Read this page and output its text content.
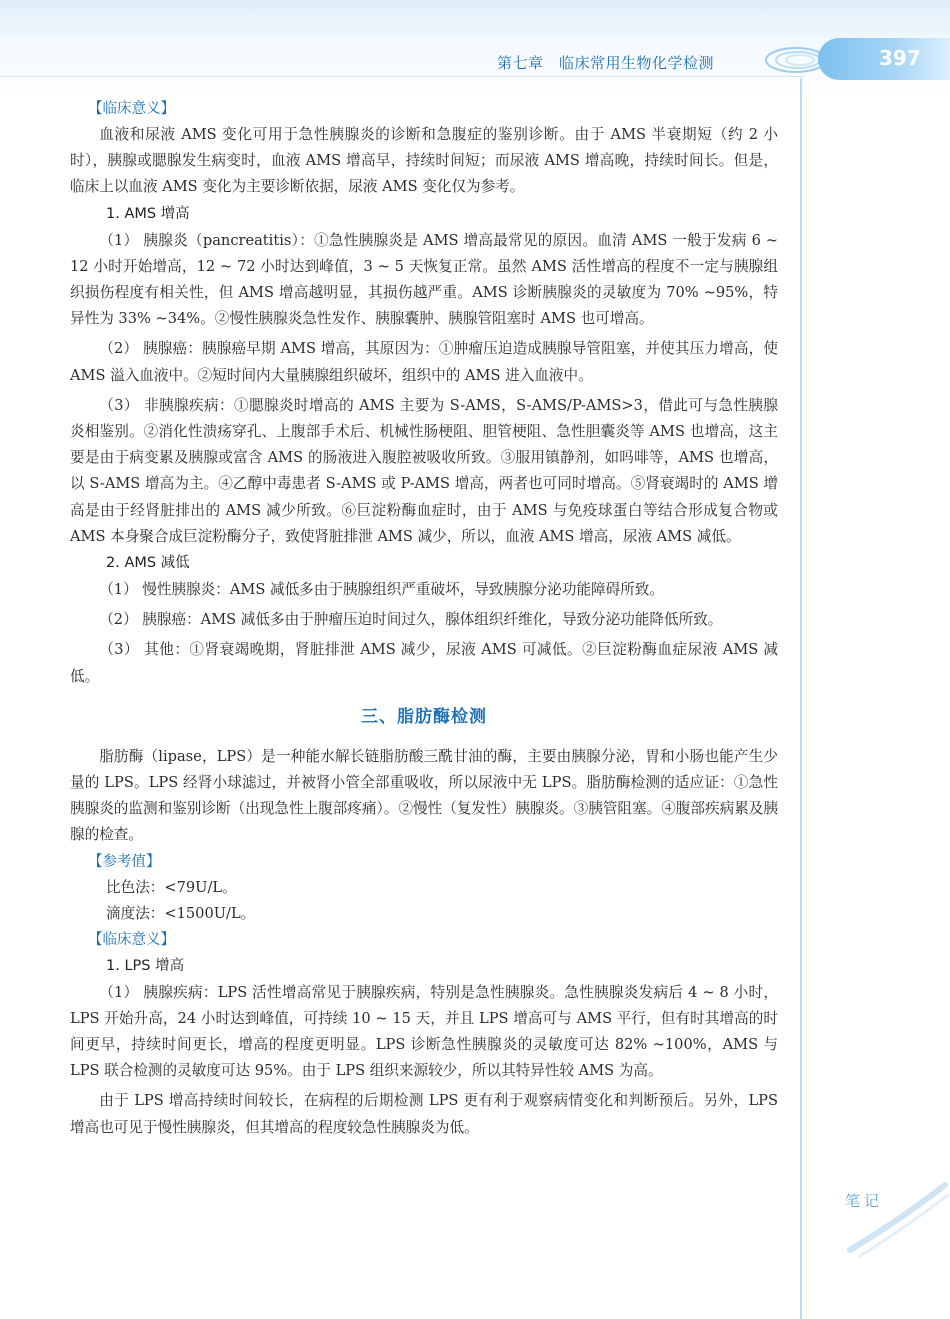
第七章　临床常用生物化学检测	397
笔记
【临床意义】

血液和尿液 AMS 变化可用于急性胰腺炎的诊断和急腹症的鉴别诊断。由于 AMS 半衰期短（约 2 小时），胰腺或腮腺发生病变时，血液 AMS 增高早，持续时间短；而尿液 AMS 增高晚，持续时间长。但是，临床上以血液 AMS 变化为主要诊断依据，尿液 AMS 变化仅为参考。

1. AMS 增高

（1） 胰腺炎（pancreatitis）：①急性胰腺炎是 AMS 增高最常见的原因。血清 AMS 一般于发病 6 ~ 12 小时开始增高，12 ~ 72 小时达到峰值，3 ~ 5 天恢复正常。虽然 AMS 活性增高的程度不一定与胰腺组织损伤程度有相关性，但 AMS 增高越明显，其损伤越严重。AMS 诊断胰腺炎的灵敏度为 70% ~95%，特异性为 33% ~34%。②慢性胰腺炎急性发作、胰腺囊肿、胰腺管阻塞时 AMS 也可增高。

（2） 胰腺癌：胰腺癌早期 AMS 增高，其原因为：①肿瘤压迫造成胰腺导管阻塞，并使其压力增高，使 AMS 溢入血液中。②短时间内大量胰腺组织破坏，组织中的 AMS 进入血液中。

（3） 非胰腺疾病：①腮腺炎时增高的 AMS 主要为 S-AMS，S-AMS/P-AMS>3，借此可与急性胰腺炎相鉴别。②消化性溃疡穿孔、上腹部手术后、机械性肠梗阻、胆管梗阻、急性胆囊炎等 AMS 也增高，这主要是由于病变累及胰腺或富含 AMS 的肠液进入腹腔被吸收所致。③服用镇静剂，如吗啡等，AMS 也增高，以 S-AMS 增高为主。④乙醇中毒患者 S-AMS 或 P-AMS 增高，两者也可同时增高。⑤肾衰竭时的 AMS 增高是由于经肾脏排出的 AMS 减少所致。⑥巨淀粉酶血症时，由于 AMS 与免疫球蛋白等结合形成复合物或 AMS 本身聚合成巨淀粉酶分子，致使肾脏排泄 AMS 减少，所以，血液 AMS 增高，尿液 AMS 减低。

2. AMS 减低

（1） 慢性胰腺炎：AMS 减低多由于胰腺组织严重破坏，导致胰腺分泌功能障碍所致。

（2） 胰腺癌：AMS 减低多由于肿瘤压迫时间过久，腺体组织纤维化，导致分泌功能降低所致。

（3） 其他：①肾衰竭晚期，肾脏排泄 AMS 减少，尿液 AMS 可减低。②巨淀粉酶血症尿液 AMS 减低。

三、脂肪酶检测

脂肪酶（lipase，LPS）是一种能水解长链脂肪酸三酰甘油的酶，主要由胰腺分泌，胃和小肠也能产生少量的 LPS。LPS 经肾小球滤过，并被肾小管全部重吸收，所以尿液中无 LPS。脂肪酶检测的适应证：①急性胰腺炎的监测和鉴别诊断（出现急性上腹部疼痛）。②慢性（复发性）胰腺炎。③胰管阻塞。④腹部疾病累及胰腺的检查。

【参考值】
比色法：<79U/L。
滴度法：<1500U/L。
【临床意义】
1. LPS 增高

（1） 胰腺疾病：LPS 活性增高常见于胰腺疾病，特别是急性胰腺炎。急性胰腺炎发病后 4 ~ 8 小时，LPS 开始升高，24 小时达到峰值，可持续 10 ~ 15 天，并且 LPS 增高可与 AMS 平行，但有时其增高的时间更早，持续时间更长，增高的程度更明显。LPS 诊断急性胰腺炎的灵敏度可达 82% ~100%，AMS 与 LPS 联合检测的灵敏度可达 95%。由于 LPS 组织来源较少，所以其特异性较 AMS 为高。

由于 LPS 增高持续时间较长，在病程的后期检测 LPS 更有利于观察病情变化和判断预后。另外，LPS 增高也可见于慢性胰腺炎，但其增高的程度较急性胰腺炎为低。
